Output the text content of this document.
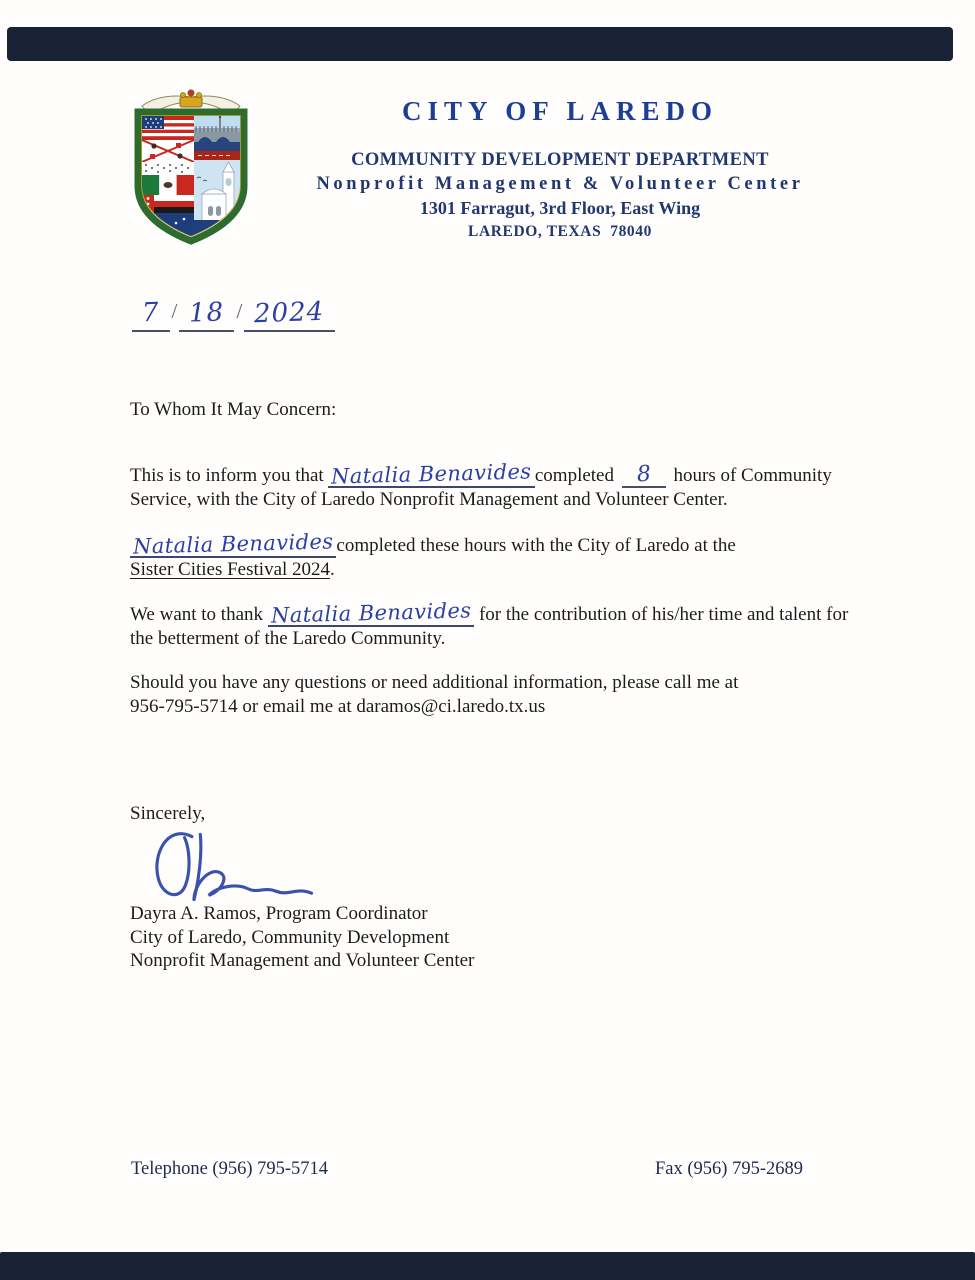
CITY OF LAREDO
COMMUNITY DEVELOPMENT DEPARTMENT
Nonprofit Management & Volunteer Center
1301 Farragut, 3rd Floor, East Wing
LAREDO, TEXAS  78040
7 / 18 / 2024
To Whom It May Concern:
This is to inform you that Natalia Benavides completed 8 hours of Community
Service, with the City of Laredo Nonprofit Management and Volunteer Center.
Natalia Benavides completed these hours with the City of Laredo at the
Sister Cities Festival 2024.
We want to thank Natalia Benavides for the contribution of his/her time and talent for
the betterment of the Laredo Community.
Should you have any questions or need additional information, please call me at
956-795-5714 or email me at daramos@ci.laredo.tx.us
Sincerely,
Dayra A. Ramos, Program Coordinator
City of Laredo, Community Development
Nonprofit Management and Volunteer Center
Telephone (956) 795-5714	Fax (956) 795-2689
